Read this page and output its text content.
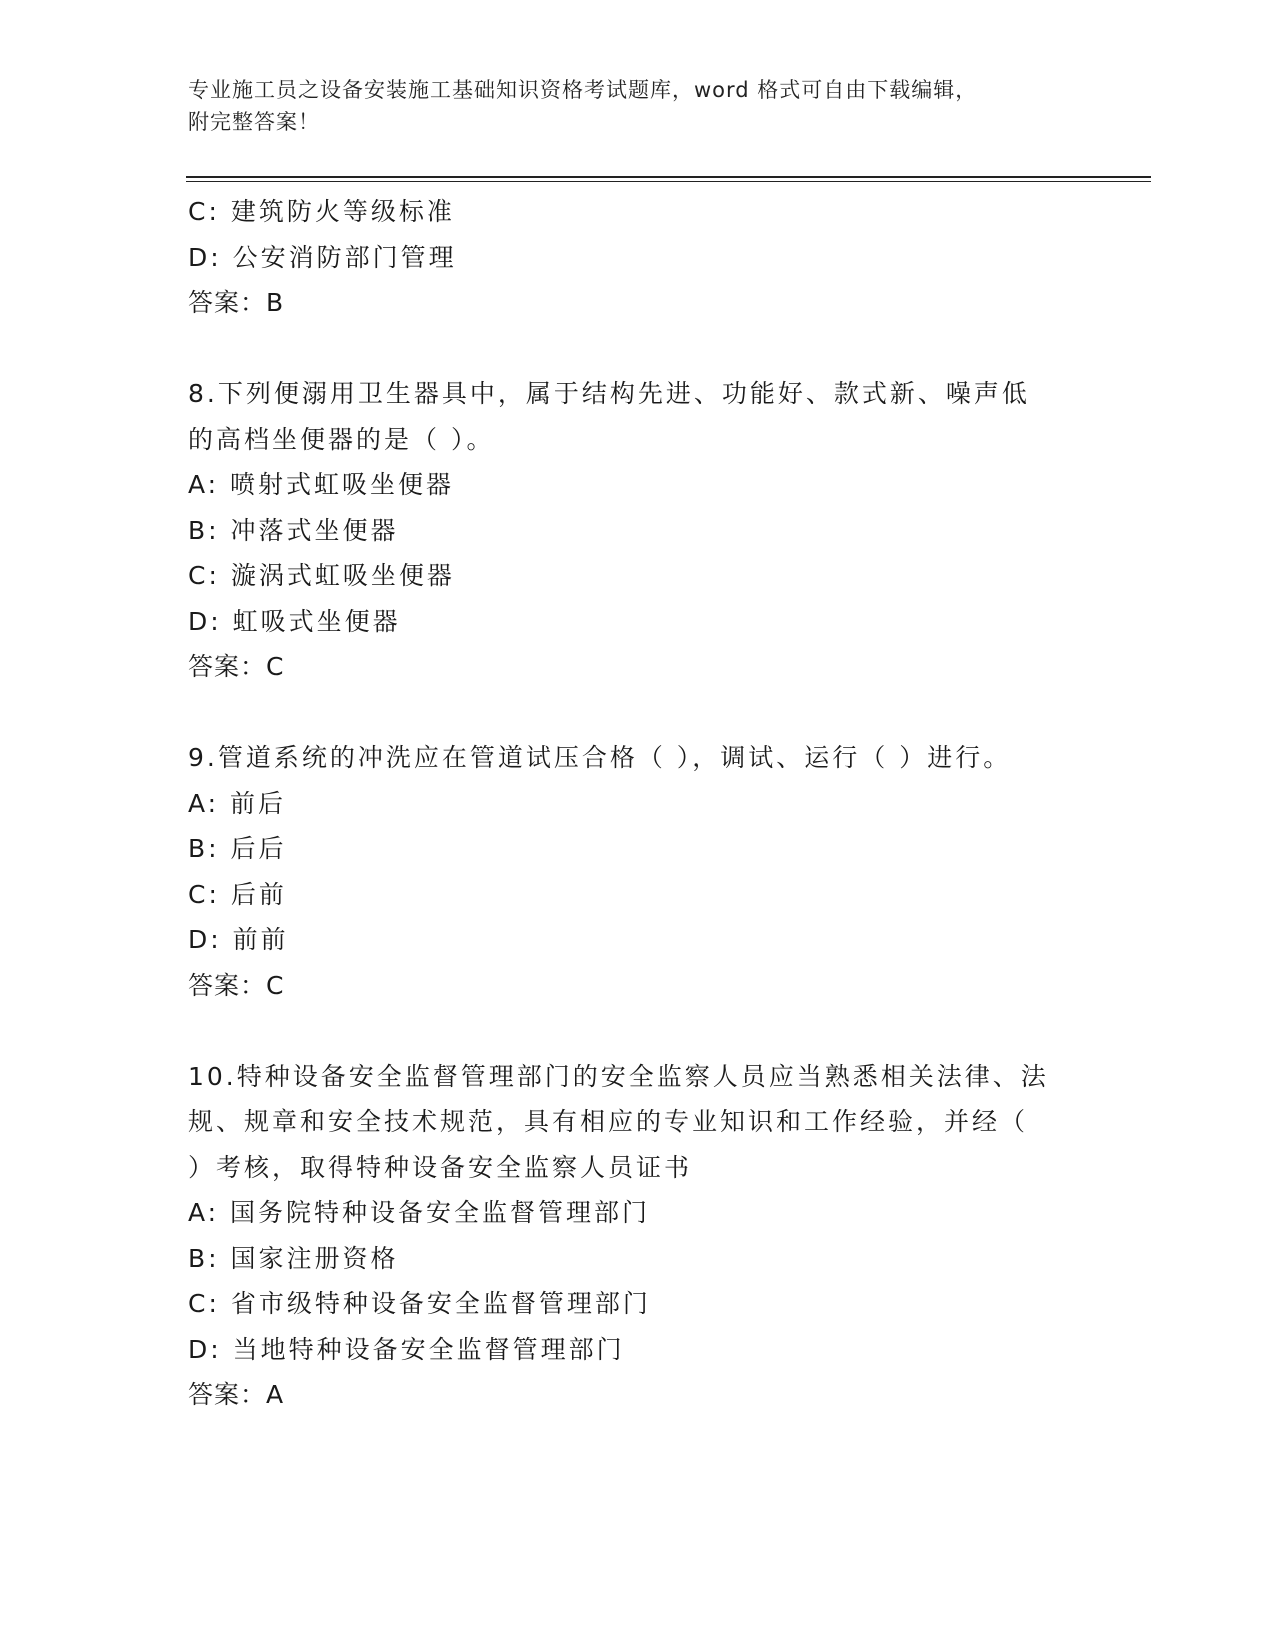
专业施工员之设备安装施工基础知识资格考试题库，word 格式可自由下载编辑，
附完整答案！
C: 建筑防火等级标准
D: 公安消防部门管理
答案：B
8.下列便溺用卫生器具中，属于结构先进、功能好、款式新、噪声低
的高档坐便器的是（ ）。
A: 喷射式虹吸坐便器
B: 冲落式坐便器
C: 漩涡式虹吸坐便器
D: 虹吸式坐便器
答案：C
9.管道系统的冲洗应在管道试压合格（ ），调试、运行（ ）进行。
A: 前后
B: 后后
C: 后前
D: 前前
答案：C
10.特种设备安全监督管理部门的安全监察人员应当熟悉相关法律、法
规、规章和安全技术规范，具有相应的专业知识和工作经验，并经（
）考核，取得特种设备安全监察人员证书
A: 国务院特种设备安全监督管理部门
B: 国家注册资格
C: 省市级特种设备安全监督管理部门
D: 当地特种设备安全监督管理部门
答案：A
